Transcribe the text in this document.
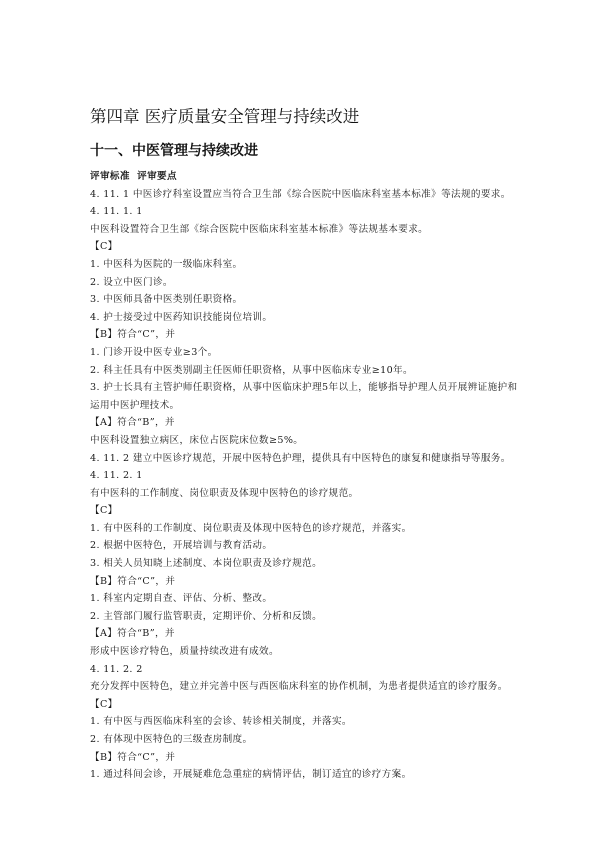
第四章 医疗质量安全管理与持续改进
十一、中医管理与持续改进

评审标准  评审要点

4. 11. 1 中医诊疗科室设置应当符合卫生部《综合医院中医临床科室基本标准》等法规的要求。

4. 11. 1. 1

中医科设置符合卫生部《综合医院中医临床科室基本标准》等法规基本要求。

【C】

1. 中医科为医院的一级临床科室。

2. 设立中医门诊。

3. 中医师具备中医类别任职资格。

4. 护士接受过中医药知识技能岗位培训。

【B】符合“C”，并

1. 门诊开设中医专业≥3个。

2. 科主任具有中医类别副主任医师任职资格，从事中医临床专业≥10年。

3. 护士长具有主管护师任职资格，从事中医临床护理5年以上，能够指导护理人员开展辨证施护和运用中医护理技术。

【A】符合“B”，并

中医科设置独立病区，床位占医院床位数≥5%。

4. 11. 2 建立中医诊疗规范，开展中医特色护理，提供具有中医特色的康复和健康指导等服务。

4. 11. 2. 1

有中医科的工作制度、岗位职责及体现中医特色的诊疗规范。

【C】

1. 有中医科的工作制度、岗位职责及体现中医特色的诊疗规范，并落实。

2. 根据中医特色，开展培训与教育活动。

3. 相关人员知晓上述制度、本岗位职责及诊疗规范。

【B】符合“C”，并

1. 科室内定期自查、评估、分析、整改。

2. 主管部门履行监管职责，定期评价、分析和反馈。

【A】符合“B”，并

形成中医诊疗特色，质量持续改进有成效。

4. 11. 2. 2

充分发挥中医特色，建立并完善中医与西医临床科室的协作机制，为患者提供适宜的诊疗服务。

【C】

1. 有中医与西医临床科室的会诊、转诊相关制度，并落实。

2. 有体现中医特色的三级查房制度。

【B】符合“C”，并

1. 通过科间会诊，开展疑难危急重症的病情评估，制订适宜的诊疗方案。
